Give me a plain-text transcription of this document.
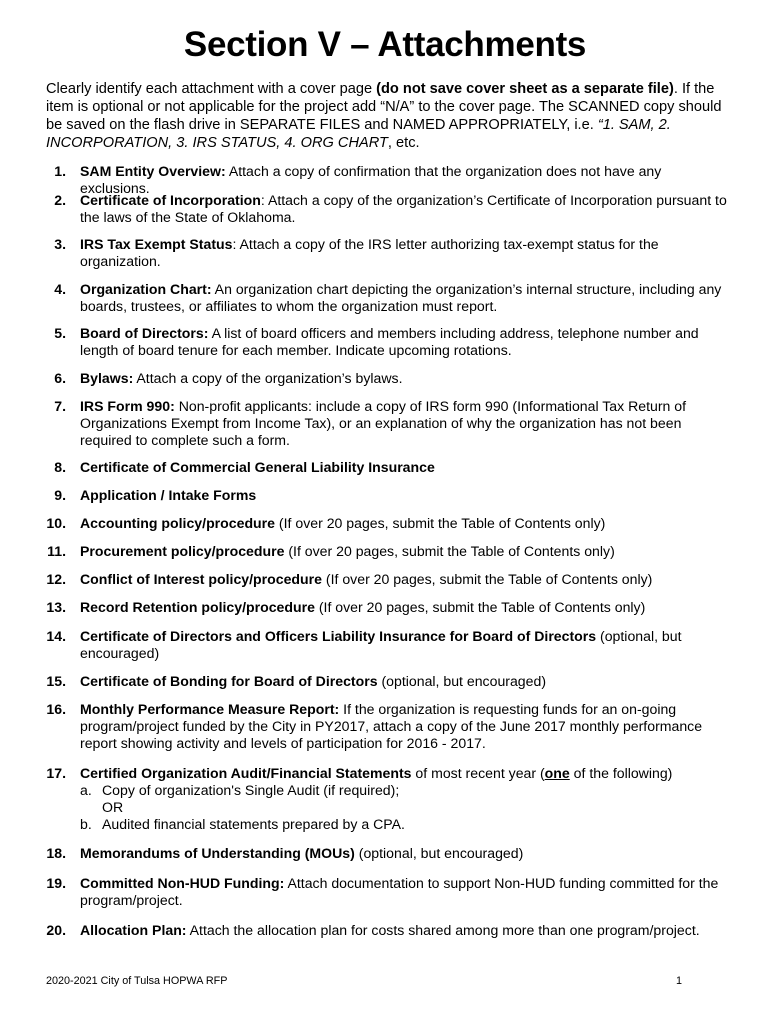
Section V – Attachments

Clearly identify each attachment with a cover page (do not save cover sheet as a separate file). If the item is optional or not applicable for the project add “N/A” to the cover page. The SCANNED copy should be saved on the flash drive in SEPARATE FILES and NAMED APPROPRIATELY, i.e. “1. SAM, 2. INCORPORATION, 3. IRS STATUS, 4. ORG CHART, etc.

1. SAM Entity Overview: Attach a copy of confirmation that the organization does not have any exclusions.
2. Certificate of Incorporation: Attach a copy of the organization’s Certificate of Incorporation pursuant to the laws of the State of Oklahoma.
3. IRS Tax Exempt Status: Attach a copy of the IRS letter authorizing tax-exempt status for the organization.
4. Organization Chart: An organization chart depicting the organization’s internal structure, including any boards, trustees, or affiliates to whom the organization must report.
5. Board of Directors: A list of board officers and members including address, telephone number and length of board tenure for each member. Indicate upcoming rotations.
6. Bylaws: Attach a copy of the organization’s bylaws.
7. IRS Form 990: Non-profit applicants: include a copy of IRS form 990 (Informational Tax Return of Organizations Exempt from Income Tax), or an explanation of why the organization has not been required to complete such a form.
8. Certificate of Commercial General Liability Insurance
9. Application / Intake Forms
10. Accounting policy/procedure (If over 20 pages, submit the Table of Contents only)
11. Procurement policy/procedure (If over 20 pages, submit the Table of Contents only)
12. Conflict of Interest policy/procedure (If over 20 pages, submit the Table of Contents only)
13. Record Retention policy/procedure (If over 20 pages, submit the Table of Contents only)
14. Certificate of Directors and Officers Liability Insurance for Board of Directors (optional, but encouraged)
15. Certificate of Bonding for Board of Directors (optional, but encouraged)
16. Monthly Performance Measure Report: If the organization is requesting funds for an on-going program/project funded by the City in PY2017, attach a copy of the June 2017 monthly performance report showing activity and levels of participation for 2016 - 2017.
17. Certified Organization Audit/Financial Statements of most recent year (one of the following)
a. Copy of organization's Single Audit (if required);
OR
b. Audited financial statements prepared by a CPA.
18. Memorandums of Understanding (MOUs) (optional, but encouraged)
19. Committed Non-HUD Funding: Attach documentation to support Non-HUD funding committed for the program/project.
20. Allocation Plan: Attach the allocation plan for costs shared among more than one program/project.
2020-2021 City of Tulsa HOPWA RFP	1
